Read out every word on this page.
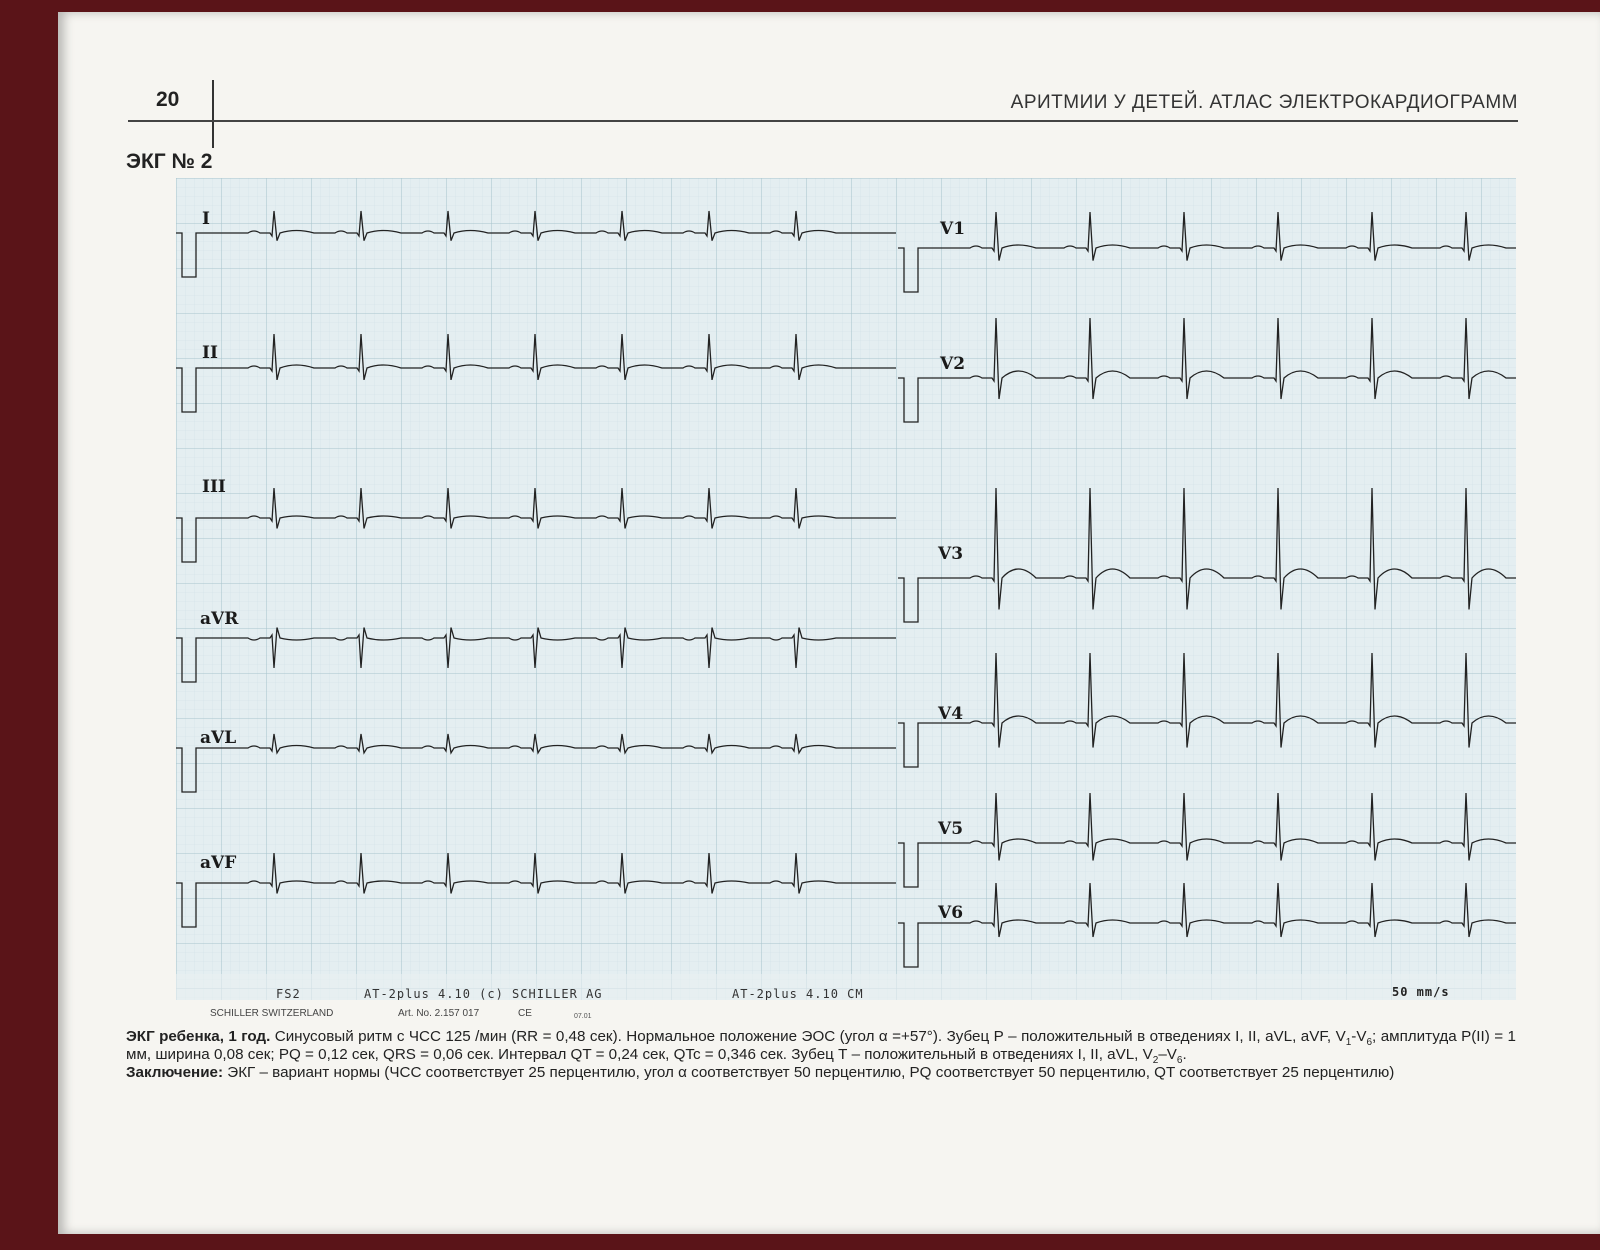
20	АРИТМИИ У ДЕТЕЙ. АТЛАС ЭЛЕКТРОКАРДИОГРАММ
ЭКГ № 2
I
II
III
aVR
aVL
aVF
V1
V2
V3
V4
V5
V6
FS2	AT-2plus 4.10 (c) SCHILLER AG	AT-2plus 4.10 CM	50 mm/s
SCHILLER SWITZERLAND	Art. No. 2.157 017	CE	07.01

ЭКГ ребенка, 1 год. Синусовый ритм с ЧСС 125 /мин (RR = 0,48 сек). Нормальное положение ЭОС (угол α =+57°). Зубец Р – положительный в отведениях I, II, aVL, aVF, $V_1-V_6$; амплитуда P(II) = 1 мм, ширина 0,08 сек; PQ = 0,12 сек, QRS = 0,06 сек. Интервал QT = 0,24 сек, QTc = 0,346 сек. Зубец Т – положительный в отведениях I, II, aVL, $V_2-V_6$.

Заключение: ЭКГ – вариант нормы (ЧСС соответствует 25 перцентилю, угол α соответствует 50 перцентилю, PQ соответствует 50 перцентилю, QT соответствует 25 перцентилю)
